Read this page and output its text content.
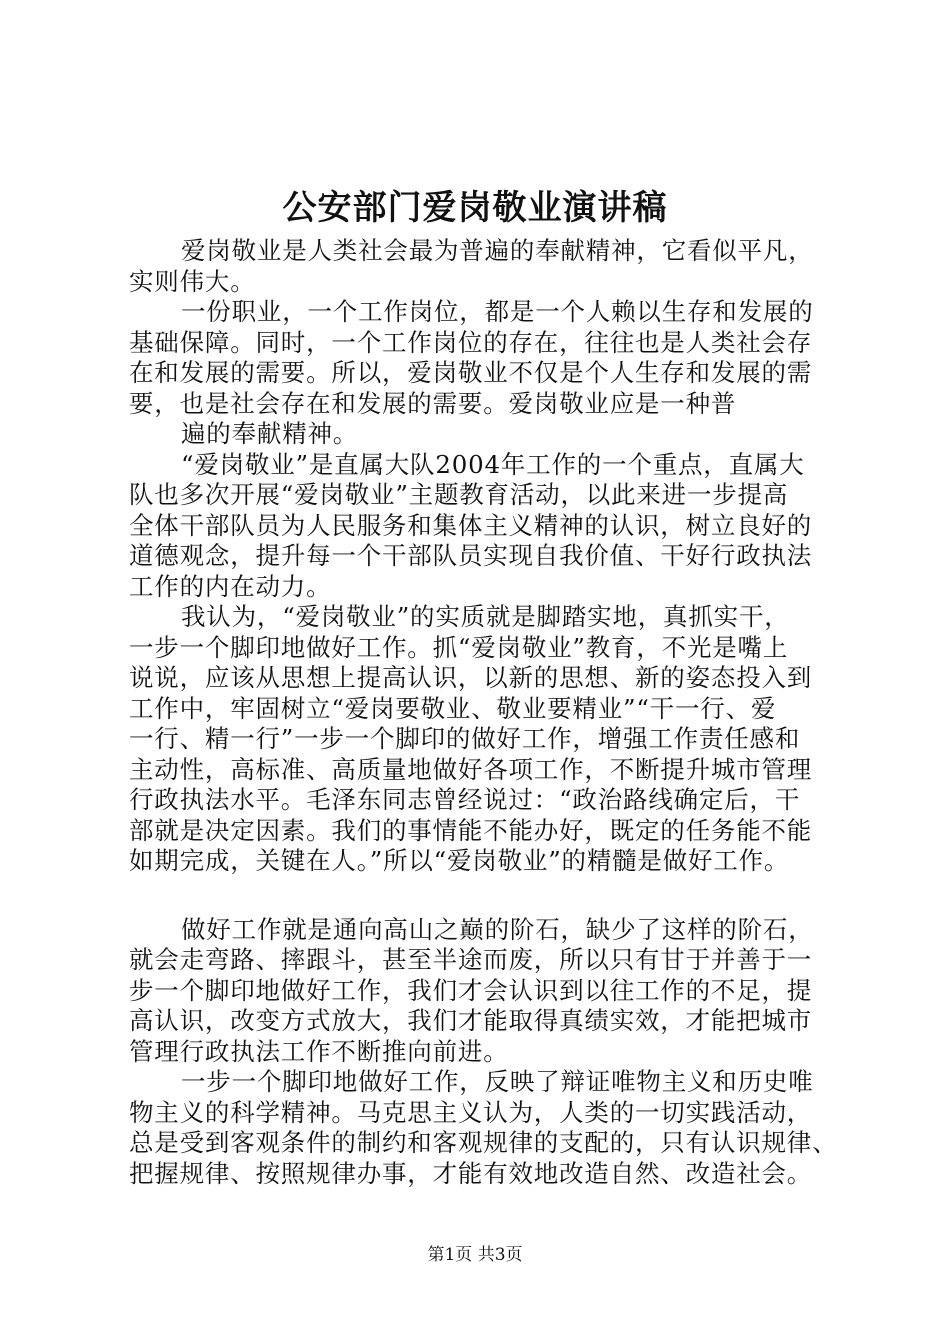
公安部门爱岗敬业演讲稿
爱岗敬业是人类社会最为普遍的奉献精神，它看似平凡，
实则伟大。
一份职业，一个工作岗位，都是一个人赖以生存和发展的
基础保障。同时，一个工作岗位的存在，往往也是人类社会存
在和发展的需要。所以，爱岗敬业不仅是个人生存和发展的需
要，也是社会存在和发展的需要。爱岗敬业应是一种普
遍的奉献精神。
“爱岗敬业”是直属大队2004年工作的一个重点，直属大
队也多次开展“爱岗敬业”主题教育活动，以此来进一步提高
全体干部队员为人民服务和集体主义精神的认识，树立良好的
道德观念，提升每一个干部队员实现自我价值、干好行政执法
工作的内在动力。
我认为，“爱岗敬业”的实质就是脚踏实地，真抓实干，
一步一个脚印地做好工作。抓“爱岗敬业”教育，不光是嘴上
说说，应该从思想上提高认识，以新的思想、新的姿态投入到
工作中，牢固树立“爱岗要敬业、敬业要精业”“干一行、爱
一行、精一行”一步一个脚印的做好工作，增强工作责任感和
主动性，高标准、高质量地做好各项工作，不断提升城市管理
行政执法水平。毛泽东同志曾经说过：“政治路线确定后，干
部就是决定因素。我们的事情能不能办好，既定的任务能不能
如期完成，关键在人。”所以“爱岗敬业”的精髓是做好工作。
做好工作就是通向高山之巅的阶石，缺少了这样的阶石，
就会走弯路、摔跟斗，甚至半途而废，所以只有甘于并善于一
步一个脚印地做好工作，我们才会认识到以往工作的不足，提
高认识，改变方式放大，我们才能取得真绩实效，才能把城市
管理行政执法工作不断推向前进。
一步一个脚印地做好工作，反映了辩证唯物主义和历史唯
物主义的科学精神。马克思主义认为，人类的一切实践活动，
总是受到客观条件的制约和客观规律的支配的，只有认识规律、
把握规律、按照规律办事，才能有效地改造自然、改造社会。
第1页 共3页
